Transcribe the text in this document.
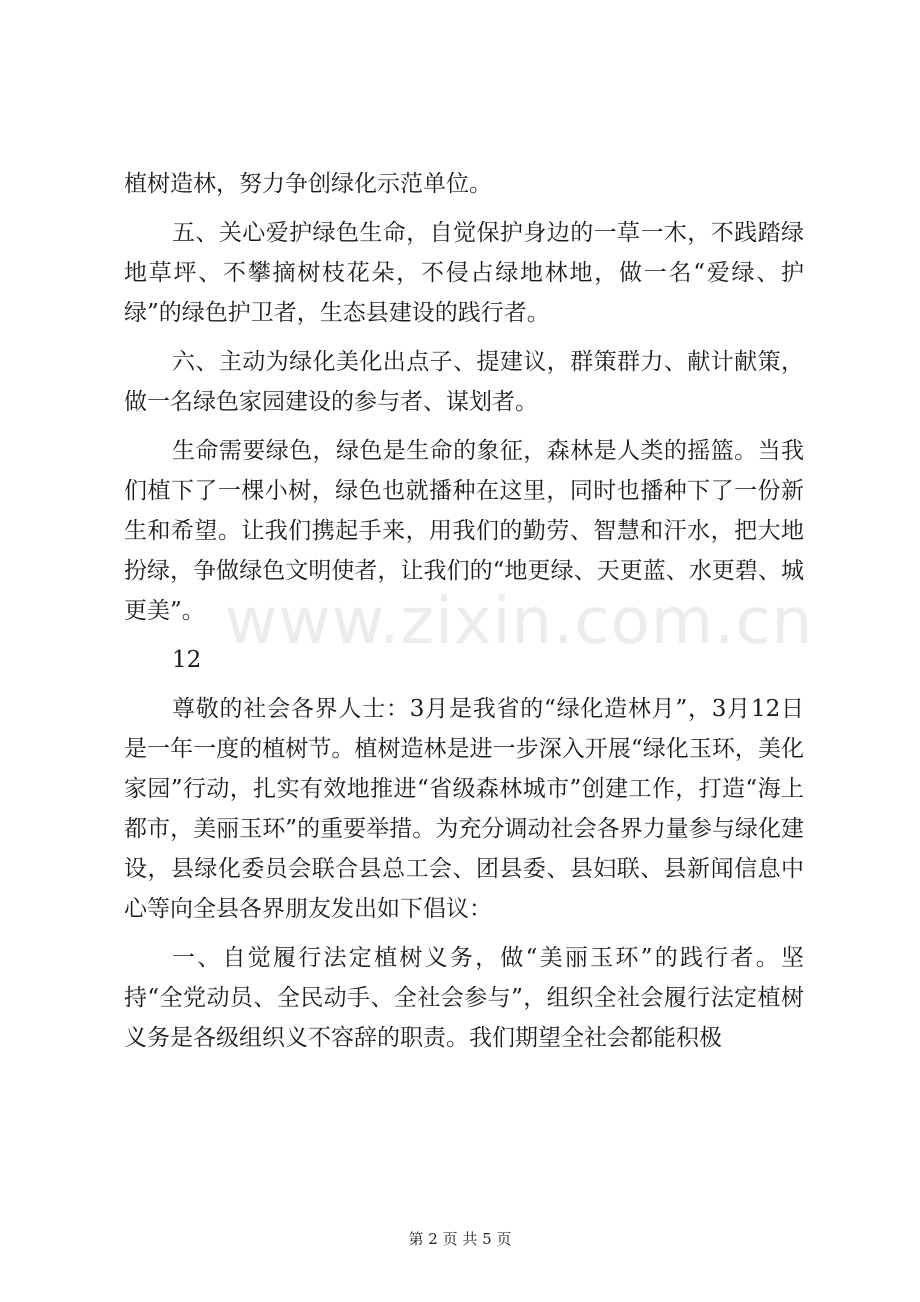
植树造林，努力争创绿化示范单位。

五、关心爱护绿色生命，自觉保护身边的一草一木，不践踏绿地草坪、不攀摘树枝花朵，不侵占绿地林地，做一名“爱绿、护绿”的绿色护卫者，生态县建设的践行者。

六、主动为绿化美化出点子、提建议，群策群力、献计献策，做一名绿色家园建设的参与者、谋划者。

生命需要绿色，绿色是生命的象征，森林是人类的摇篮。当我们植下了一棵小树，绿色也就播种在这里，同时也播种下了一份新生和希望。让我们携起手来，用我们的勤劳、智慧和汗水，把大地扮绿，争做绿色文明使者，让我们的“地更绿、天更蓝、水更碧、城更美”。

12

尊敬的社会各界人士：3月是我省的“绿化造林月”，3月12日是一年一度的植树节。植树造林是进一步深入开展“绿化玉环，美化家园”行动，扎实有效地推进“省级森林城市”创建工作，打造“海上都市，美丽玉环”的重要举措。为充分调动社会各界力量参与绿化建设，县绿化委员会联合县总工会、团县委、县妇联、县新闻信息中心等向全县各界朋友发出如下倡议：

一、自觉履行法定植树义务，做“美丽玉环”的践行者。坚持“全党动员、全民动手、全社会参与”，组织全社会履行法定植树义务是各级组织义不容辞的职责。我们期望全社会都能积极

www.zixin.com.cn
第 2 页 共 5 页
